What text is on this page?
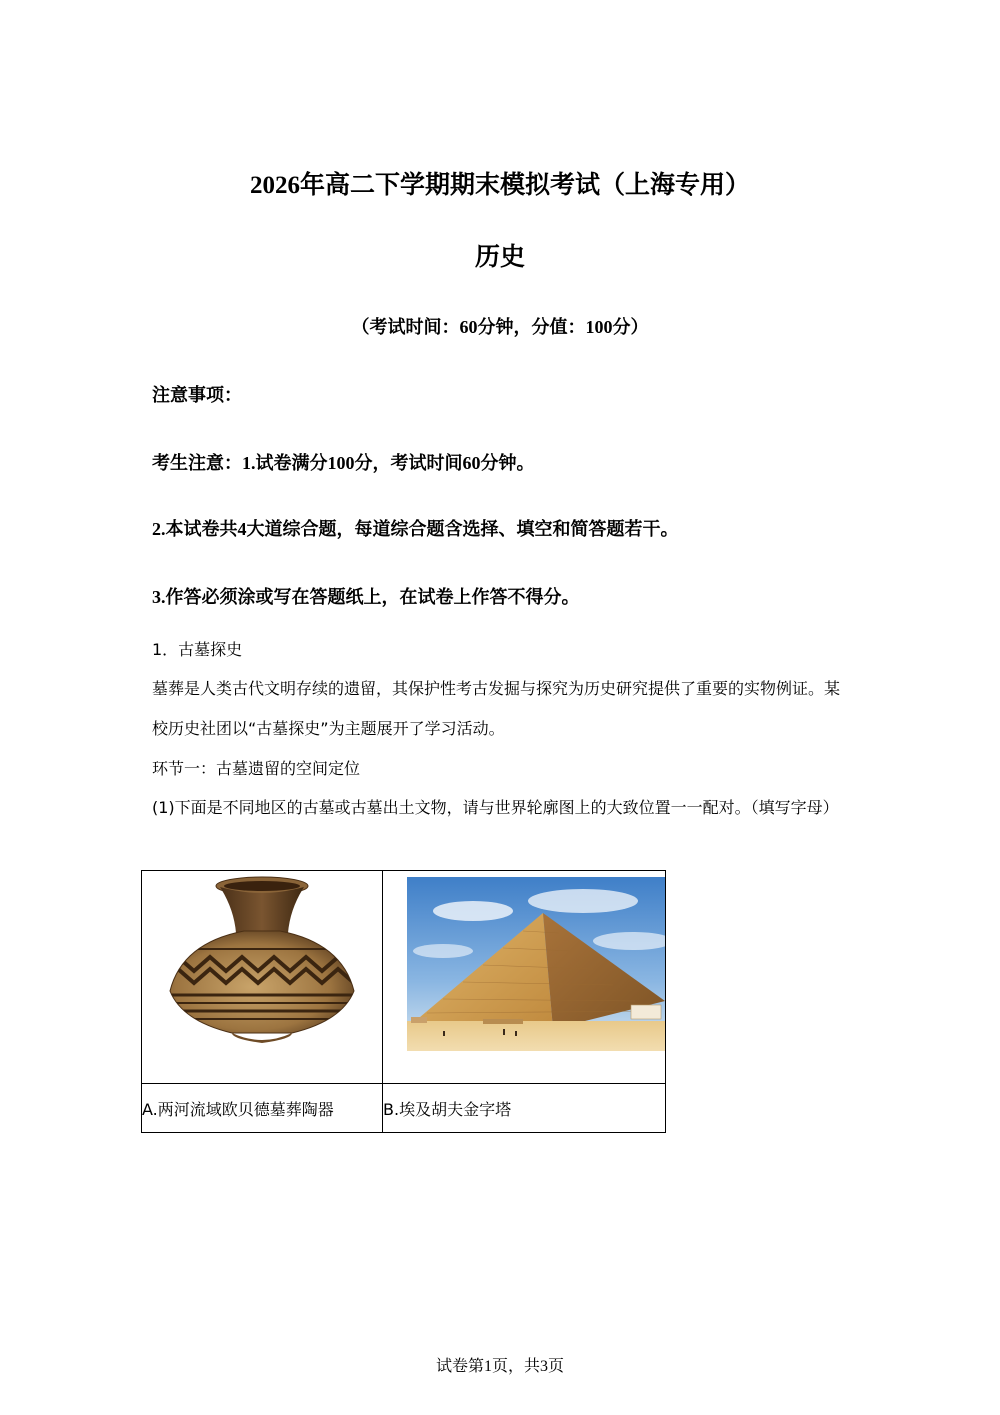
2026年高二下学期期末模拟考试（上海专用）
历史
（考试时间：60分钟，分值：100分）
注意事项：
考生注意：1.试卷满分100分，考试时间60分钟。
2.本试卷共4大道综合题，每道综合题含选择、填空和简答题若干。
3.作答必须涂或写在答题纸上，在试卷上作答不得分。
1．古墓探史
墓葬是人类古代文明存续的遗留，其保护性考古发掘与探究为历史研究提供了重要的实物例证。某校历史社团以“古墓探史”为主题展开了学习活动。
环节一：古墓遗留的空间定位
(1)下面是不同地区的古墓或古墓出土文物，请与世界轮廓图上的大致位置一一配对。（填写字母）

A.两河流域欧贝德墓葬陶器	B.埃及胡夫金字塔
试卷第1页，共3页
